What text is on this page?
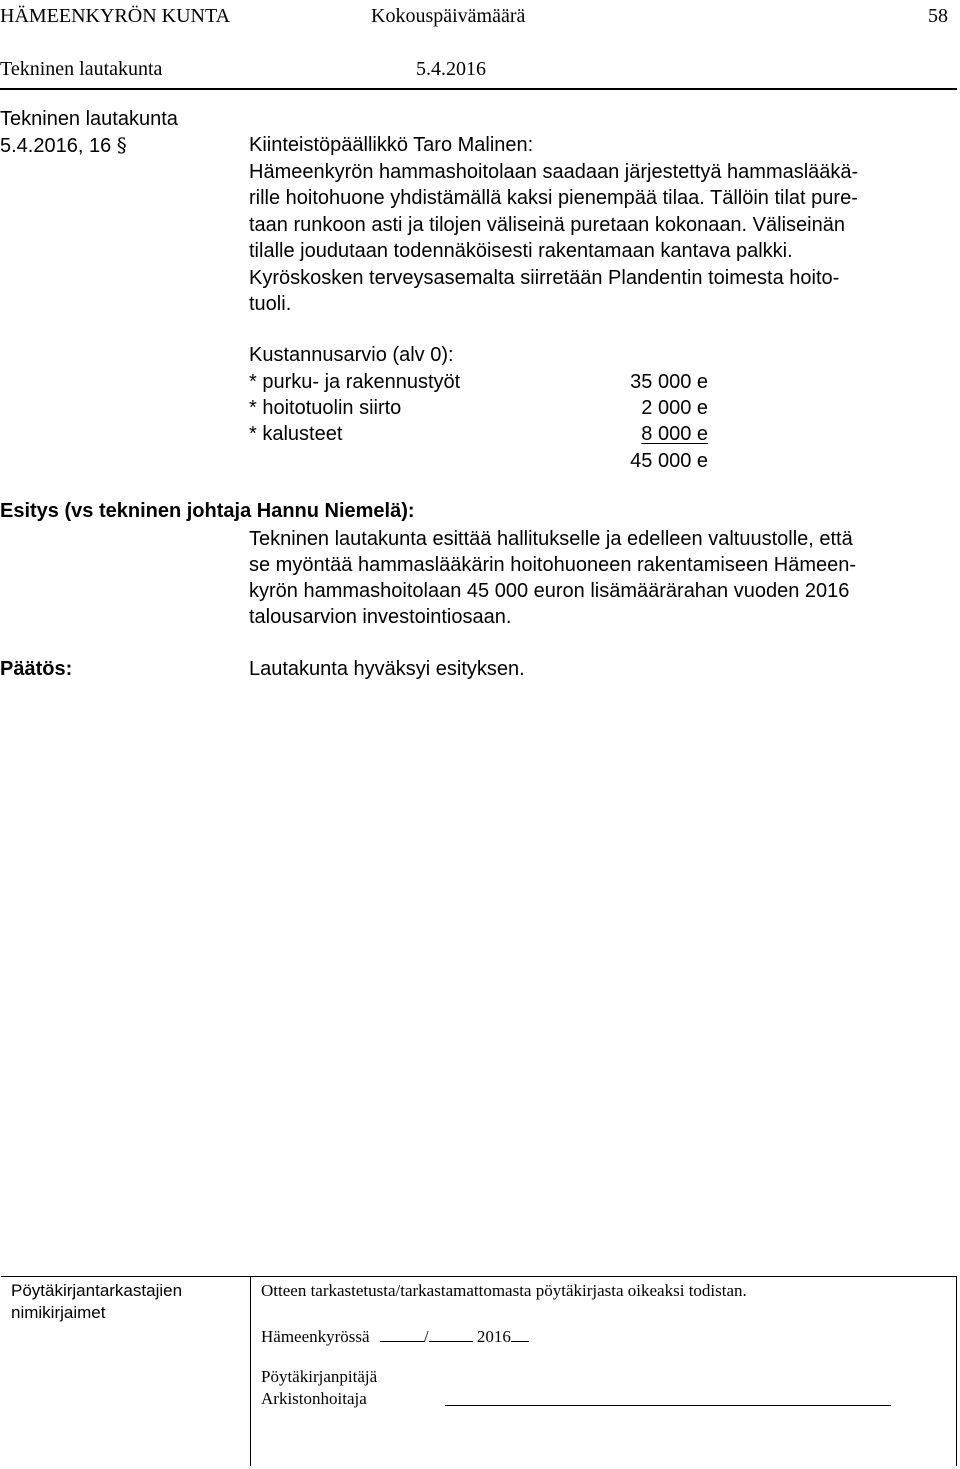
HÄMEENKYRÖN KUNTA	Kokouspäivämäärä	58
Tekninen lautakunta	5.4.2016
Tekninen lautakunta
5.4.2016, 16 §	Kiinteistöpäällikkö Taro Malinen:
Hämeenkyrön hammashoitolaan saadaan järjestettyä hammaslääkä-
rille hoitohuone yhdistämällä kaksi pienempää tilaa. Tällöin tilat pure-
taan runkoon asti ja tilojen väliseinä puretaan kokonaan. Väliseinän
tilalle joudutaan todennäköisesti rakentamaan kantava palkki.
Kyröskosken terveysasemalta siirretään Plandentin toimesta hoito-
tuoli.
Kustannusarvio (alv 0):
* purku- ja rakennustyöt	35 000 e
* hoitotuolin siirto	2 000 e
* kalusteet	8 000 e
45 000 e
Esitys (vs tekninen johtaja Hannu Niemelä):
Tekninen lautakunta esittää hallitukselle ja edelleen valtuustolle, että
se myöntää hammaslääkärin hoitohuoneen rakentamiseen Hämeen-
kyrön hammashoitolaan 45 000 euron lisämäärärahan vuoden 2016
talousarvion investointiosaan.
Päätös:	Lautakunta hyväksyi esityksen.
Pöytäkirjantarkastajien
nimikirjaimet
Otteen tarkastetusta/tarkastamattomasta pöytäkirjasta oikeaksi todistan.
Hämeenkyrössä	/	2016
Pöytäkirjanpitäjä
Arkistonhoitaja
